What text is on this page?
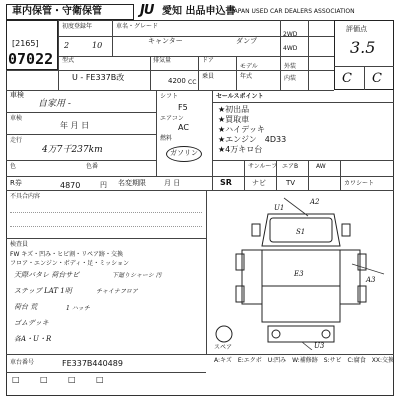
車内保管・守衛保管	JU 愛知 出品申込書
JAPAN USED CAR DEALERS ASSOCIATION
[2165]
07022
初度登録年
2	10
車名・グレード
キャンター	ダンプ
型式
U - FE337B改
排気量
4200 CC
ドア
乗員
モデル
年式
2WD
4WD
外装
内装
評価点
3.5
C C
車検
自家用 -
車検
年 月 日
走行
4万7千237km
色	色番
R券	4870	円 名変期限	月 日
シフト
F5
エアコン
AC
燃料
ガソリン
セールスポイント
★初出品
★買取車
★ハイデッキ
★エンジン　4D33
★4万キロ台
サンルーフ エアB	AW
SR	ナビ	TV	カワシート
不具合内容
検査員
FW キズ・凹み・ヒビ割・リペア跡・交換
フロア・エンジン・ボディ・足・ミッション
天際バタレ 荷台サビ	下廻りシャーシ 汚
ステップ LAT 1明	チャイナフロア
荷台 荒	1 ハッチ
ゴムデッキ
各A・U・R
A2
U1
S1
A3
E3
U3
スペア
A:キズ　E:エクボ　U:凹み　W:補修跡　S:サビ　C:腐食　XX:交換
車台番号	FE337B440489
□	□	□	□
